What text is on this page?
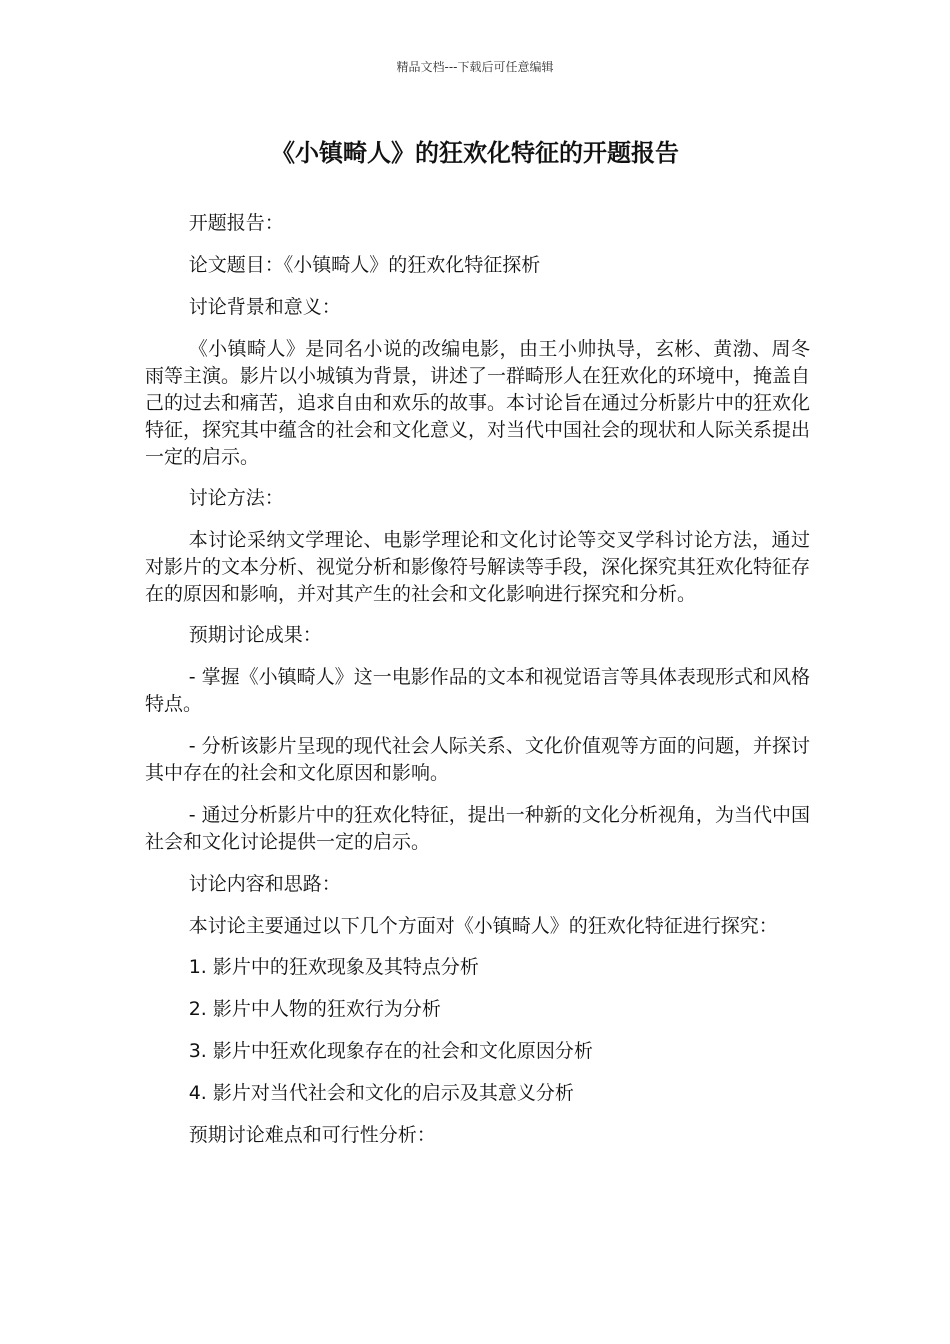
精品文档---下载后可任意编辑
《小镇畸人》的狂欢化特征的开题报告

开题报告：

论文题目：《小镇畸人》的狂欢化特征探析

讨论背景和意义：

《小镇畸人》是同名小说的改编电影，由王小帅执导，玄彬、黄渤、周冬雨等主演。影片以小城镇为背景，讲述了一群畸形人在狂欢化的环境中，掩盖自己的过去和痛苦，追求自由和欢乐的故事。本讨论旨在通过分析影片中的狂欢化特征，探究其中蕴含的社会和文化意义，对当代中国社会的现状和人际关系提出一定的启示。

讨论方法：

本讨论采纳文学理论、电影学理论和文化讨论等交叉学科讨论方法，通过对影片的文本分析、视觉分析和影像符号解读等手段，深化探究其狂欢化特征存在的原因和影响，并对其产生的社会和文化影响进行探究和分析。

预期讨论成果：

- 掌握《小镇畸人》这一电影作品的文本和视觉语言等具体表现形式和风格特点。

- 分析该影片呈现的现代社会人际关系、文化价值观等方面的问题，并探讨其中存在的社会和文化原因和影响。

- 通过分析影片中的狂欢化特征，提出一种新的文化分析视角，为当代中国社会和文化讨论提供一定的启示。

讨论内容和思路：

本讨论主要通过以下几个方面对《小镇畸人》的狂欢化特征进行探究：

1. 影片中的狂欢现象及其特点分析

2. 影片中人物的狂欢行为分析

3. 影片中狂欢化现象存在的社会和文化原因分析

4. 影片对当代社会和文化的启示及其意义分析

预期讨论难点和可行性分析：
